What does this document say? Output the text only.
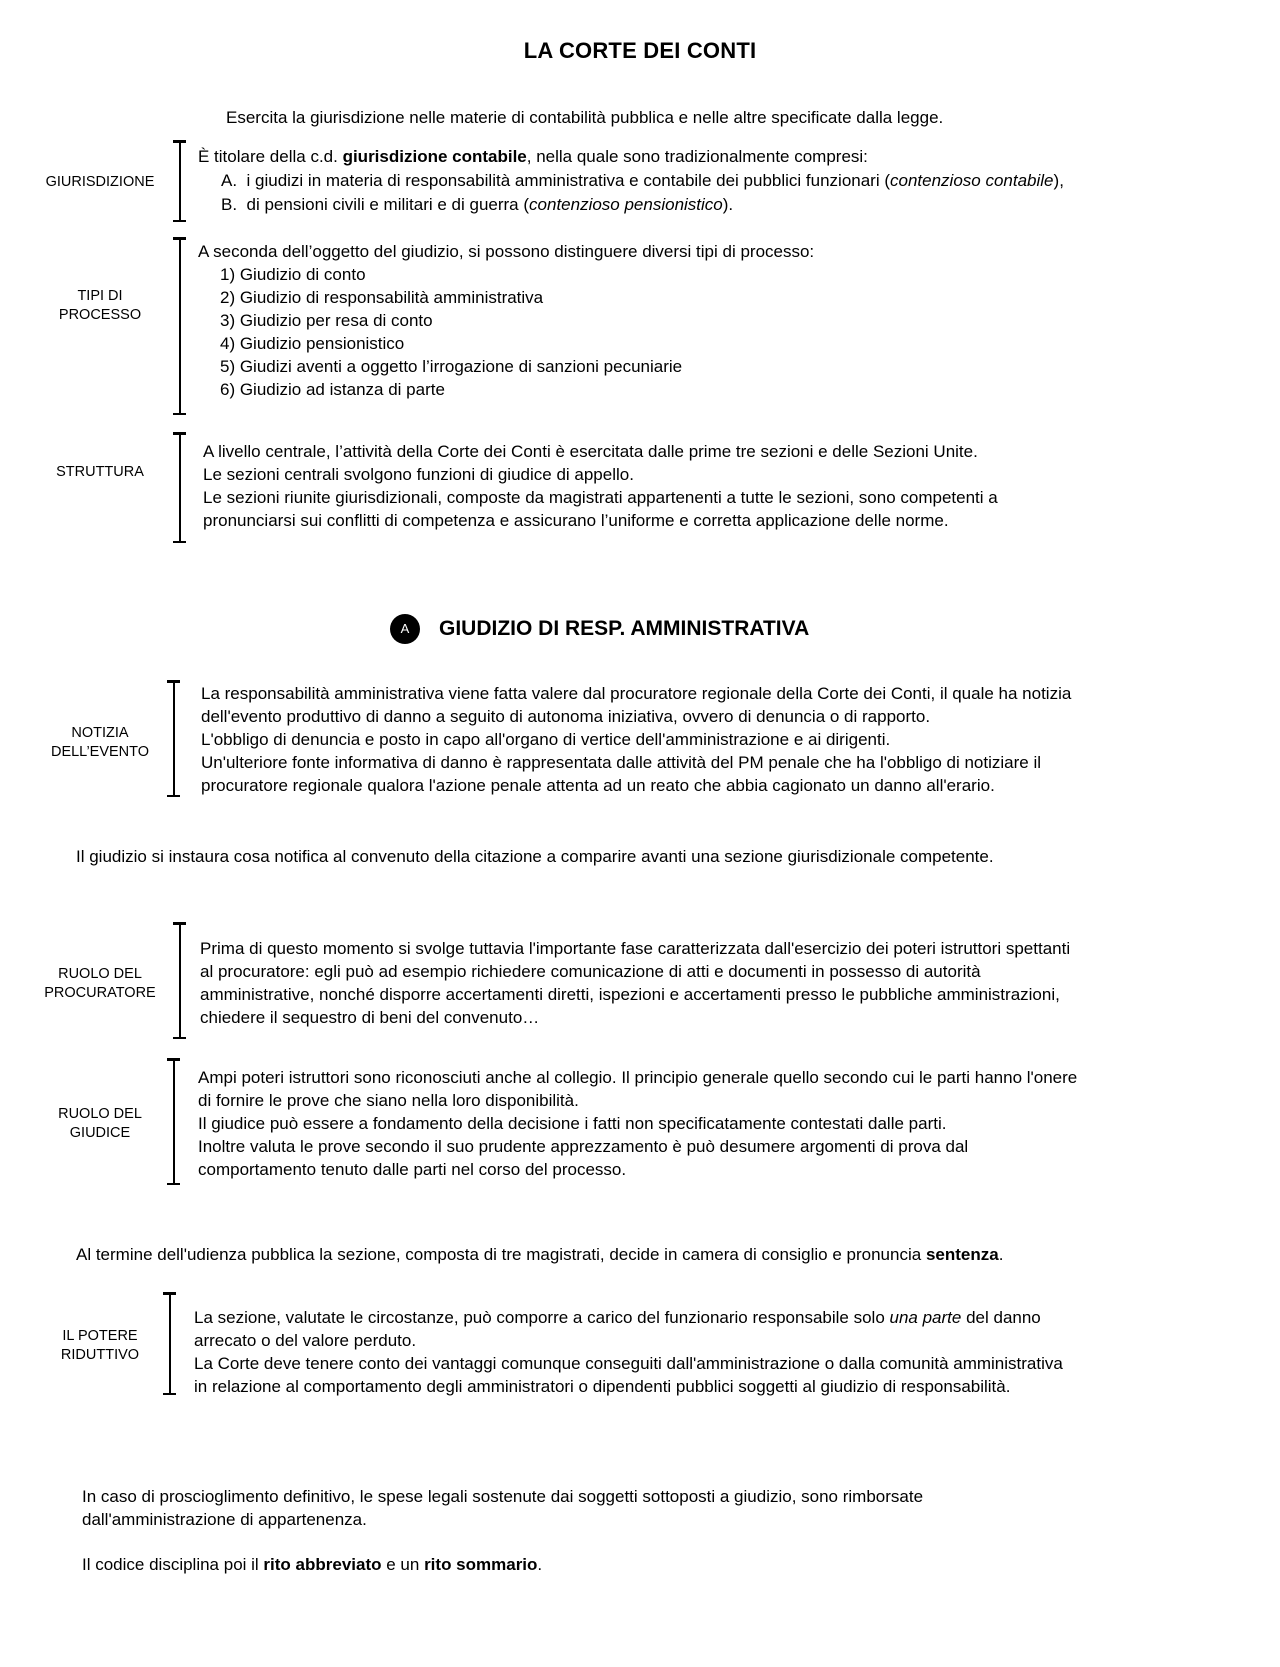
LA CORTE DEI CONTI
Esercita la giurisdizione nelle materie di contabilità pubblica e nelle altre specificate dalla legge.
GIURISDIZIONE
È titolare della c.d. giurisdizione contabile, nella quale sono tradizionalmente compresi:
A. i giudizi in materia di responsabilità amministrativa e contabile dei pubblici funzionari (contenzioso contabile),
B. di pensioni civili e militari e di guerra (contenzioso pensionistico).
TIPI DI
PROCESSO
A seconda dell’oggetto del giudizio, si possono distinguere diversi tipi di processo:
1) Giudizio di conto
2) Giudizio di responsabilità amministrativa
3) Giudizio per resa di conto
4) Giudizio pensionistico
5) Giudizi aventi a oggetto l’irrogazione di sanzioni pecuniarie
6) Giudizio ad istanza di parte
STRUTTURA
A livello centrale, l’attività della Corte dei Conti è esercitata dalle prime tre sezioni e delle Sezioni Unite.
Le sezioni centrali svolgono funzioni di giudice di appello.
Le sezioni riunite giurisdizionali, composte da magistrati appartenenti a tutte le sezioni, sono competenti a
pronunciarsi sui conflitti di competenza e assicurano l’uniforme e corretta applicazione delle norme.
A	GIUDIZIO DI RESP. AMMINISTRATIVA
NOTIZIA
DELL’EVENTO
La responsabilità amministrativa viene fatta valere dal procuratore regionale della Corte dei Conti, il quale ha notizia
dell'evento produttivo di danno a seguito di autonoma iniziativa, ovvero di denuncia o di rapporto.
L'obbligo di denuncia e posto in capo all'organo di vertice dell'amministrazione e ai dirigenti.
Un'ulteriore fonte informativa di danno è rappresentata dalle attività del PM penale che ha l'obbligo di notiziare il
procuratore regionale qualora l'azione penale attenta ad un reato che abbia cagionato un danno all'erario.
Il giudizio si instaura cosa notifica al convenuto della citazione a comparire avanti una sezione giurisdizionale competente.
RUOLO DEL
PROCURATORE
Prima di questo momento si svolge tuttavia l'importante fase caratterizzata dall'esercizio dei poteri istruttori spettanti
al procuratore: egli può ad esempio richiedere comunicazione di atti e documenti in possesso di autorità
amministrative, nonché disporre accertamenti diretti, ispezioni e accertamenti presso le pubbliche amministrazioni,
chiedere il sequestro di beni del convenuto…
RUOLO DEL
GIUDICE
Ampi poteri istruttori sono riconosciuti anche al collegio. Il principio generale quello secondo cui le parti hanno l'onere
di fornire le prove che siano nella loro disponibilità.
Il giudice può essere a fondamento della decisione i fatti non specificatamente contestati dalle parti.
Inoltre valuta le prove secondo il suo prudente apprezzamento è può desumere argomenti di prova dal
comportamento tenuto dalle parti nel corso del processo.
Al termine dell'udienza pubblica la sezione, composta di tre magistrati, decide in camera di consiglio e pronuncia sentenza.
IL POTERE
RIDUTTIVO
La sezione, valutate le circostanze, può comporre a carico del funzionario responsabile solo una parte del danno
arrecato o del valore perduto.
La Corte deve tenere conto dei vantaggi comunque conseguiti dall'amministrazione o dalla comunità amministrativa
in relazione al comportamento degli amministratori o dipendenti pubblici soggetti al giudizio di responsabilità.
In caso di proscioglimento definitivo, le spese legali sostenute dai soggetti sottoposti a giudizio, sono rimborsate
dall'amministrazione di appartenenza.
Il codice disciplina poi il rito abbreviato e un rito sommario.
